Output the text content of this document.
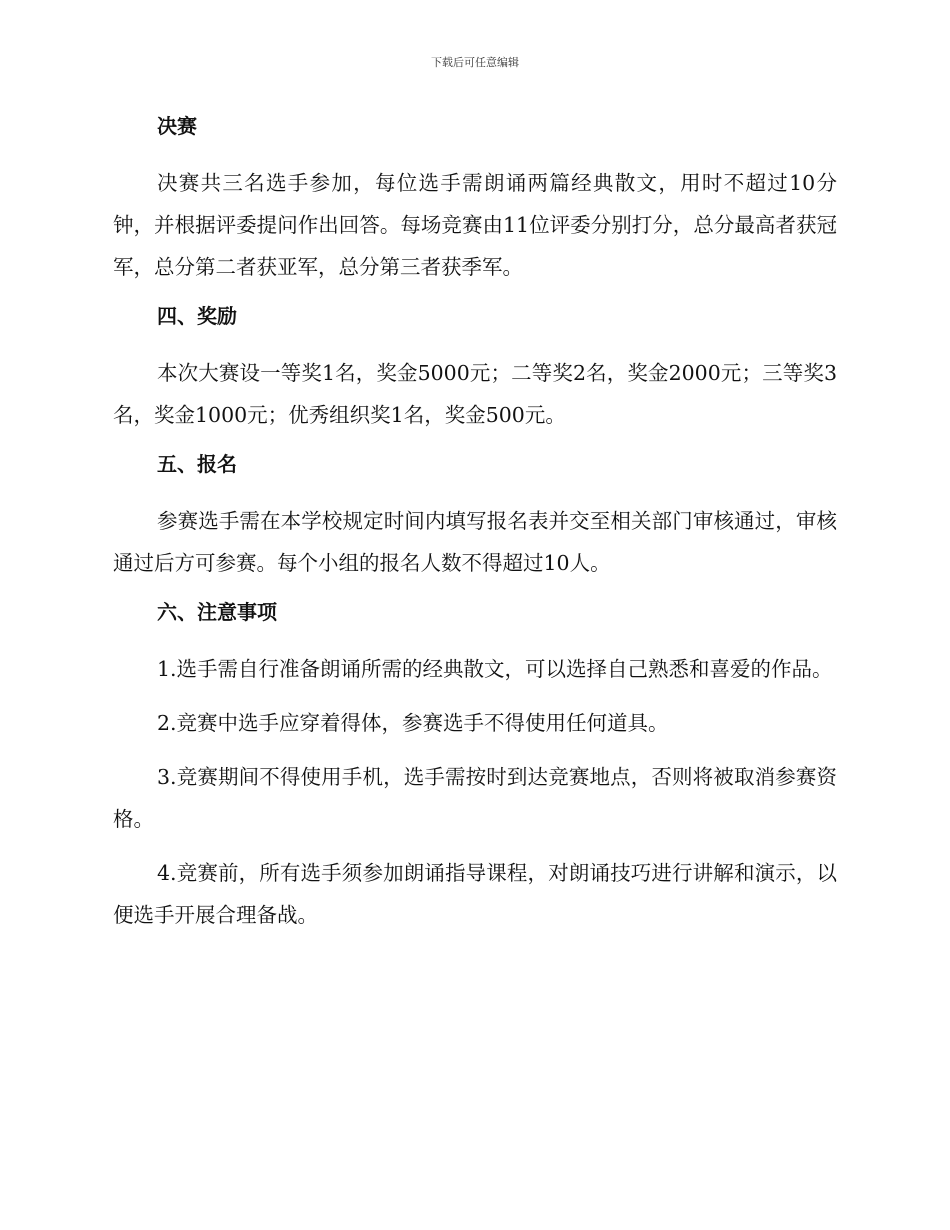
下载后可任意编辑
决赛
决赛共三名选手参加，每位选手需朗诵两篇经典散文，用时不超过10分钟，并根据评委提问作出回答。每场竞赛由11位评委分别打分，总分最高者获冠军，总分第二者获亚军，总分第三者获季军。
四、奖励
本次大赛设一等奖1名，奖金5000元；二等奖2名，奖金2000元；三等奖3名，奖金1000元；优秀组织奖1名，奖金500元。
五、报名
参赛选手需在本学校规定时间内填写报名表并交至相关部门审核通过，审核通过后方可参赛。每个小组的报名人数不得超过10人。
六、注意事项
1.选手需自行准备朗诵所需的经典散文，可以选择自己熟悉和喜爱的作品。
2.竞赛中选手应穿着得体，参赛选手不得使用任何道具。
3.竞赛期间不得使用手机，选手需按时到达竞赛地点，否则将被取消参赛资格。
4.竞赛前，所有选手须参加朗诵指导课程，对朗诵技巧进行讲解和演示，以便选手开展合理备战。
